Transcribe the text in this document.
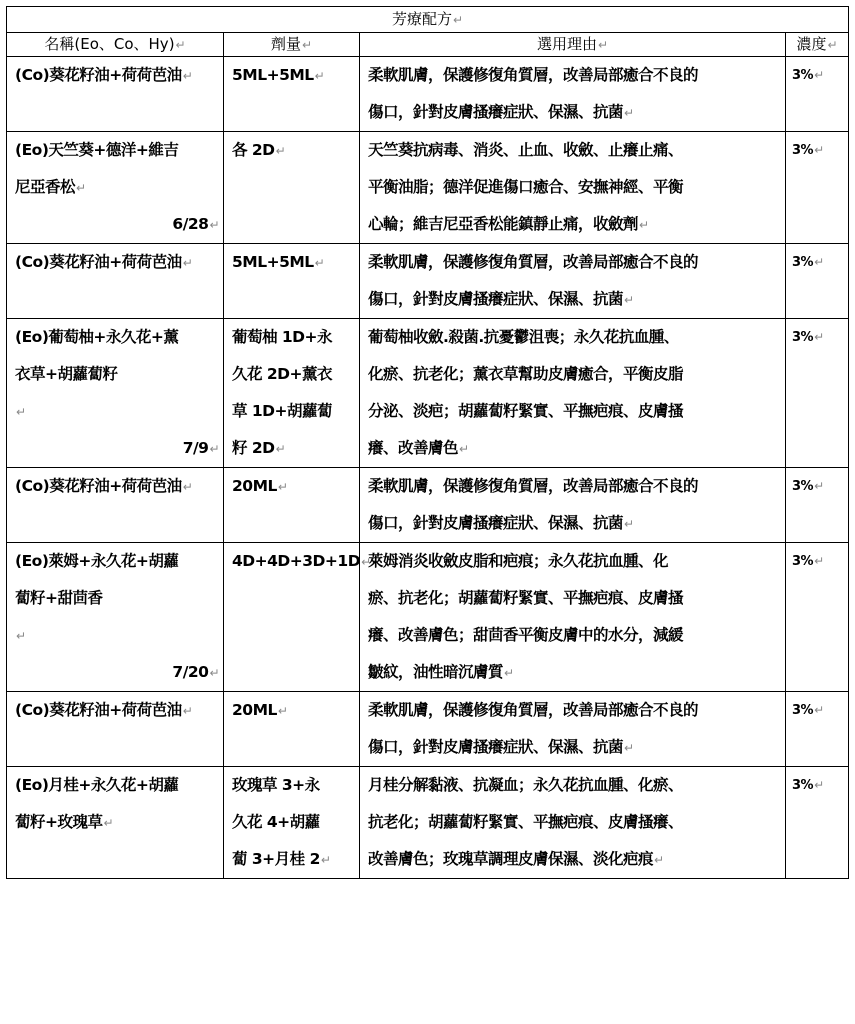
芳療配方↵			
名稱(Eo、Co、Hy)↵	劑量↵	選用理由↵	濃度↵

(Co)葵花籽油+荷荷芭油↵	5ML+5ML↵	柔軟肌膚，保護修復角質層，改善局部癒合不良的
傷口，針對皮膚搔癢症狀、保濕、抗菌↵	3%↵

(Eo)天竺葵+德洋+維吉
尼亞香松↵
6/28↵	各 2D↵	天竺葵抗病毒、消炎、止血、收斂、止癢止痛、
平衡油脂；德洋促進傷口癒合、安撫神經、平衡
心輪；維吉尼亞香松能鎮靜止痛，收斂劑↵	3%↵

(Co)葵花籽油+荷荷芭油↵	5ML+5ML↵	柔軟肌膚，保護修復角質層，改善局部癒合不良的
傷口，針對皮膚搔癢症狀、保濕、抗菌↵	3%↵

(Eo)葡萄柚+永久花+薰
衣草+胡蘿蔔籽
↵
7/9↵	葡萄柚 1D+永
久花 2D+薰衣
草 1D+胡蘿蔔
籽 2D↵	葡萄柚收斂.殺菌.抗憂鬱沮喪；永久花抗血腫、
化瘀、抗老化；薰衣草幫助皮膚癒合，平衡皮脂
分泌、淡疤；胡蘿蔔籽緊實、平撫疤痕、皮膚搔
癢、改善膚色↵	3%↵

(Co)葵花籽油+荷荷芭油↵	20ML↵	柔軟肌膚，保護修復角質層，改善局部癒合不良的
傷口，針對皮膚搔癢症狀、保濕、抗菌↵	3%↵

(Eo)萊姆+永久花+胡蘿
蔔籽+甜茴香
↵
7/20↵	4D+4D+3D+1D↵	萊姆消炎收斂皮脂和疤痕；永久花抗血腫、化
瘀、抗老化；胡蘿蔔籽緊實、平撫疤痕、皮膚搔
癢、改善膚色；甜茴香平衡皮膚中的水分，減緩
皺紋，油性暗沉膚質↵	3%↵

(Co)葵花籽油+荷荷芭油↵	20ML↵	柔軟肌膚，保護修復角質層，改善局部癒合不良的
傷口，針對皮膚搔癢症狀、保濕、抗菌↵	3%↵

(Eo)月桂+永久花+胡蘿
蔔籽+玫瑰草↵	玫瑰草 3+永
久花 4+胡蘿
蔔 3+月桂 2↵	月桂分解黏液、抗凝血；永久花抗血腫、化瘀、
抗老化；胡蘿蔔籽緊實、平撫疤痕、皮膚搔癢、
改善膚色；玫瑰草調理皮膚保濕、淡化疤痕↵	3%↵
